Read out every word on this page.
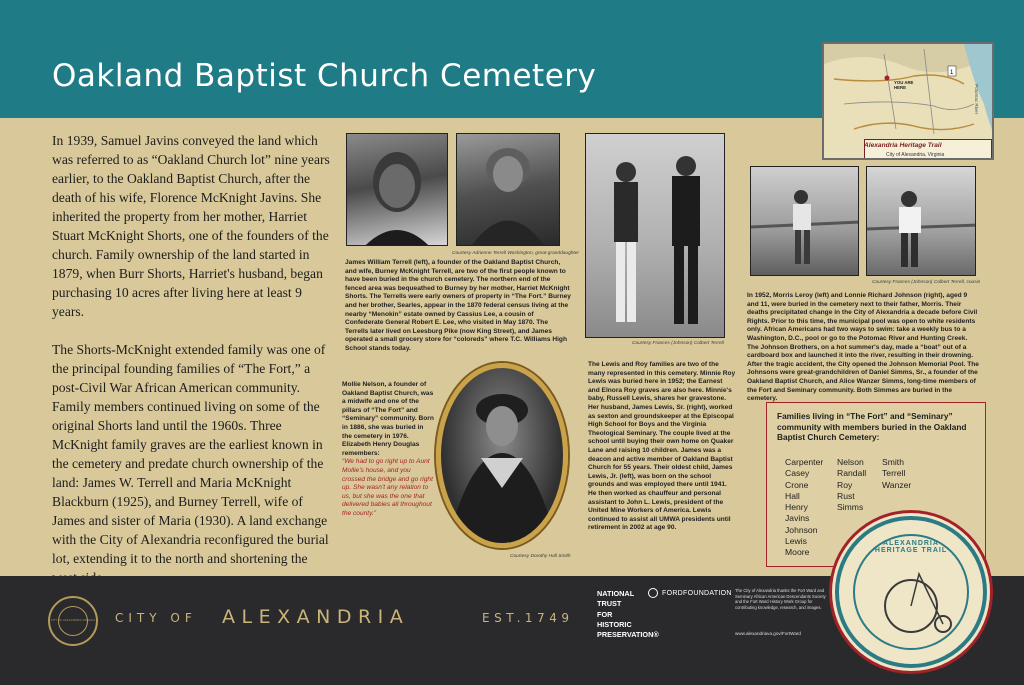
Oakland Baptist Church Cemetery	1
YOU ARE HERE	Potomac River
Alexandria Heritage Trail
City of Alexandria, Virginia

In 1939, Samuel Javins conveyed the land which was referred to as “Oakland Church lot” nine years earlier, to the Oakland Baptist Church, after the death of his wife, Florence McKnight Javins. She inherited the property from her mother, Harriet Stuart McKnight Shorts, one of the founders of the church. Family ownership of the land started in 1879, when Burr Shorts, Harriet's husband, began purchasing 10 acres after living here at least 9 years.

The Shorts-McKnight extended family was one of the principal founding families of “The Fort,” a post-Civil War African American community. Family members continued living on some of the original Shorts land until the 1960s. Three McKnight family graves are the earliest known in the cemetery and predate church ownership of the land: James W. Terrell and Maria McKnight Blackburn (1925), and Burney Terrell, wife of James and sister of Maria (1930). A land exchange with the City of Alexandria reconfigured the burial lot, extending it to the north and shortening the

Courtesy Adrienne Terrell Washington, great-granddaughter
James William Terrell (left), a founder of the Oakland Baptist Church, and wife, Burney McKnight Terrell, are two of the first people known to have been buried in the church cemetery. The northern end of the fenced area was bequeathed to Burney by her mother, Harriet McKnight Shorts. The Terrells were early owners of property in “The Fort.” Burney and her brother, Searles, appear in the 1870 federal census living at the nearby “Menokin” estate owned by Cassius Lee, a cousin of Confederate General Robert E. Lee, who visited in May 1870. The Terrells later lived on Leesburg Pike (now King Street), and James operated a small grocery store for “coloreds” where T.C. Williams High School stands today.
Courtesy Frances (Johnson) Colbert Terrell
The Lewis and Roy families are two of the many represented in this cemetery. Minnie Roy Lewis was buried here in 1952; the Earnest and Elnora Roy graves are also here. Minnie's baby, Russell Lewis, shares her gravestone. Her husband, James Lewis, Sr. (right), worked as sexton and groundskeeper at the Episcopal High School for Boys and the Virginia Theological Seminary. The couple lived at the school until buying their own home on Quaker Lane and raising 10 children. James was a deacon and active member of Oakland Baptist Church for 55 years. Their oldest child, James Lewis, Jr. (left), was born on the school grounds and was employed there until 1941. He then worked as chauffeur and personal assistant to John L. Lewis, president of the United Mine Workers of America. Lewis continued to assist all UMWA presidents until retirement in 2002 at age 90.
Courtesy Frances (Johnson) Colbert Terrell, cousin
In 1952, Morris Leroy (left) and Lonnie Richard Johnson (right), aged 9 and 11, were buried in the cemetery next to their father, Morris. Their deaths precipitated change in the City of Alexandria a decade before Civil Rights. Prior to this time, the municipal pool was open to white residents only. African Americans had two ways to swim: take a weekly bus to a Washington, D.C., pool or go to the Potomac River and Hunting Creek. The Johnson Brothers, on a hot summer's day, made a “boat” out of a cardboard box and launched it into the river, resulting in their drowning. After the tragic accident, the City opened the Johnson Memorial Pool. The Johnsons were great-grandchildren of Daniel Simms, Sr., a founder of the Oakland Baptist Church, and Alice Wanzer Simms, long-time members of the Fort and Seminary community. Both Simmes are buried in the cemetery.
Mollie Nelson, a founder of Oakland Baptist Church, was a midwife and one of the pillars of “The Fort” and “Seminary” community. Born in 1886, she was buried in the cemetery in 1976. Elizabeth Henry Douglas remembers:
“We had to go right up to Aunt Mollie's house, and you crossed the bridge and go right up. She wasn't any relation to us, but she was the one that delivered babies all throughout the county.”
Courtesy Dorothy Hall Smith
Families living in “The Fort” and “Seminary” community with members buried in the Oakland Baptist Church Cemetery:
Carpenter
Casey
Crone
Hall
Henry
Javins
Johnson
Lewis
Moore
Nelson
Randall
Roy
Rust
Simms
Smith
Terrell
Wanzer
CITY OF ALEXANDRIA VIRGINIA CITY OF ALEXANDRIA	EST.1749
NATIONAL
TRUST
FOR
HISTORIC
PRESERVATION®
FORDFOUNDATION The City of Alexandria thanks the Fort Ward and Seminary African American Descendants Society and the Fort Ward History Work Group for contributing knowledge, research, and images.
www.alexandriava.gov/FortWard
ALEXANDRIA HERITAGE TRAIL
